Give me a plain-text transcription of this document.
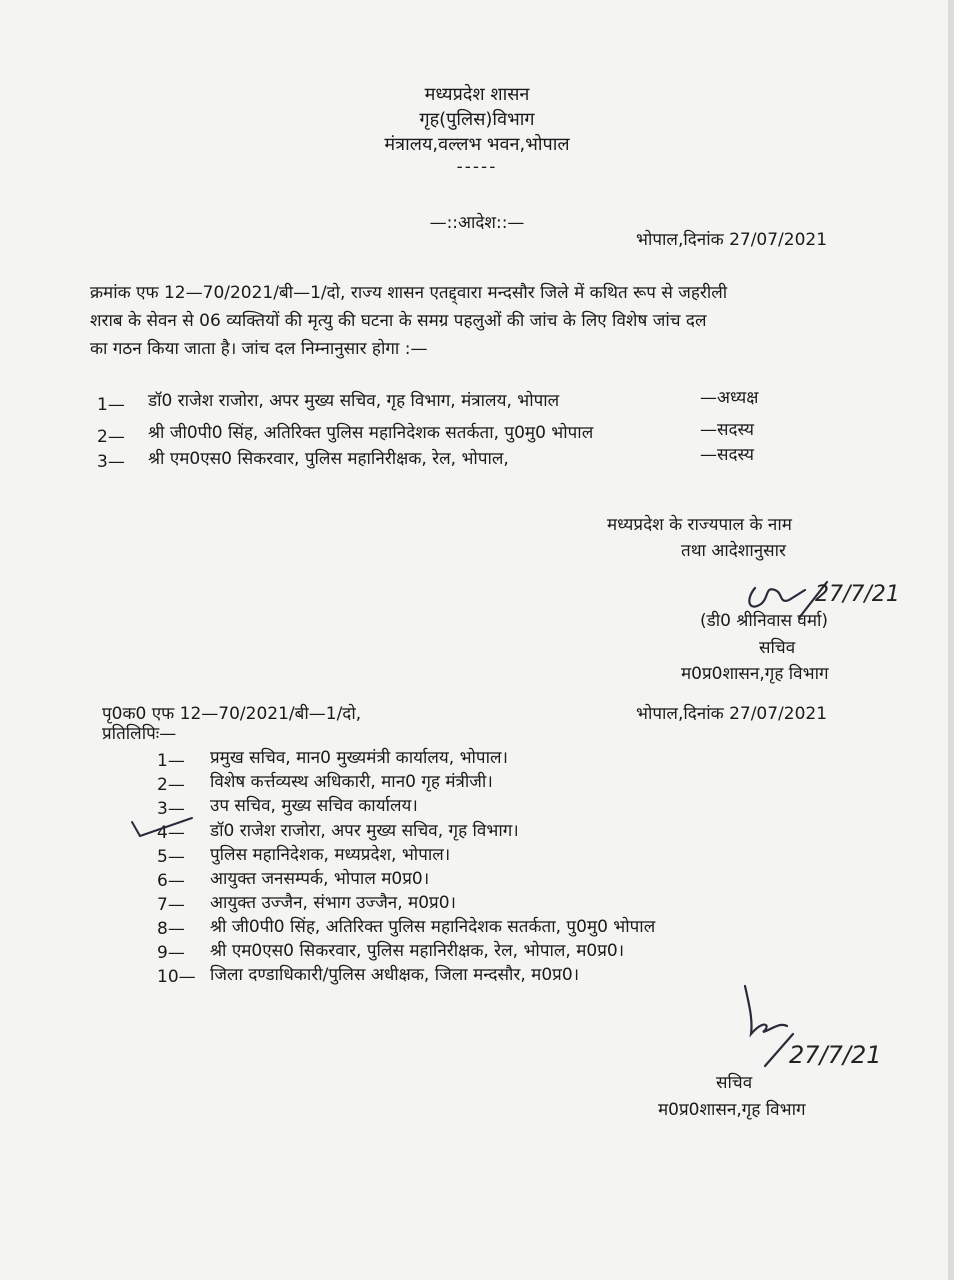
मध्यप्रदेश शासन
गृह(पुलिस)विभाग
मंत्रालय,वल्लभ भवन,भोपाल
-----
—::आदेश::—
भोपाल,दिनांक 27/07/2021
क्रमांक एफ 12—70/2021/बी—1/दो, राज्य शासन एतद्द्वारा मन्दसौर जिले में कथित रूप से जहरीली
शराब के सेवन से 06 व्यक्तियों की मृत्यु की घटना के समग्र पहलुओं की जांच के लिए विशेष जांच दल
का गठन किया जाता है। जांच दल निम्नानुसार होगा :—
1— डॉ0 राजेश राजोरा, अपर मुख्य सचिव, गृह विभाग, मंत्रालय, भोपाल	—अध्यक्ष
2— श्री जी0पी0 सिंह, अतिरिक्त पुलिस महानिदेशक सतर्कता, पु0मु0 भोपाल	—सदस्य
3— श्री एम0एस0 सिकरवार, पुलिस महानिरीक्षक, रेल, भोपाल,	—सदस्य
मध्यप्रदेश के राज्यपाल के नाम
तथा आदेशानुसार
27/7/21
(डी0 श्रीनिवास वर्मा)
सचिव
म0प्र0शासन,गृह विभाग
पृ0क0 एफ 12—70/2021/बी—1/दो,	भोपाल,दिनांक 27/07/2021
प्रतिलिपिः—
1— प्रमुख सचिव, मान0 मुख्यमंत्री कार्यालय, भोपाल।
2— विशेष कर्त्तव्यस्थ अधिकारी, मान0 गृह मंत्रीजी।
3— उप सचिव, मुख्य सचिव कार्यालय।
4— डॉ0 राजेश राजोरा, अपर मुख्य सचिव, गृह विभाग।
5— पुलिस महानिदेशक, मध्यप्रदेश, भोपाल।
6— आयुक्त जनसम्पर्क, भोपाल म0प्र0।
7— आयुक्त उज्जैन, संभाग उज्जैन, म0प्र0।
8— श्री जी0पी0 सिंह, अतिरिक्त पुलिस महानिदेशक सतर्कता, पु0मु0 भोपाल
9— श्री एम0एस0 सिकरवार, पुलिस महानिरीक्षक, रेल, भोपाल, म0प्र0।
10— जिला दण्डाधिकारी/पुलिस अधीक्षक, जिला मन्दसौर, म0प्र0।
27/7/21
सचिव
म0प्र0शासन,गृह विभाग
